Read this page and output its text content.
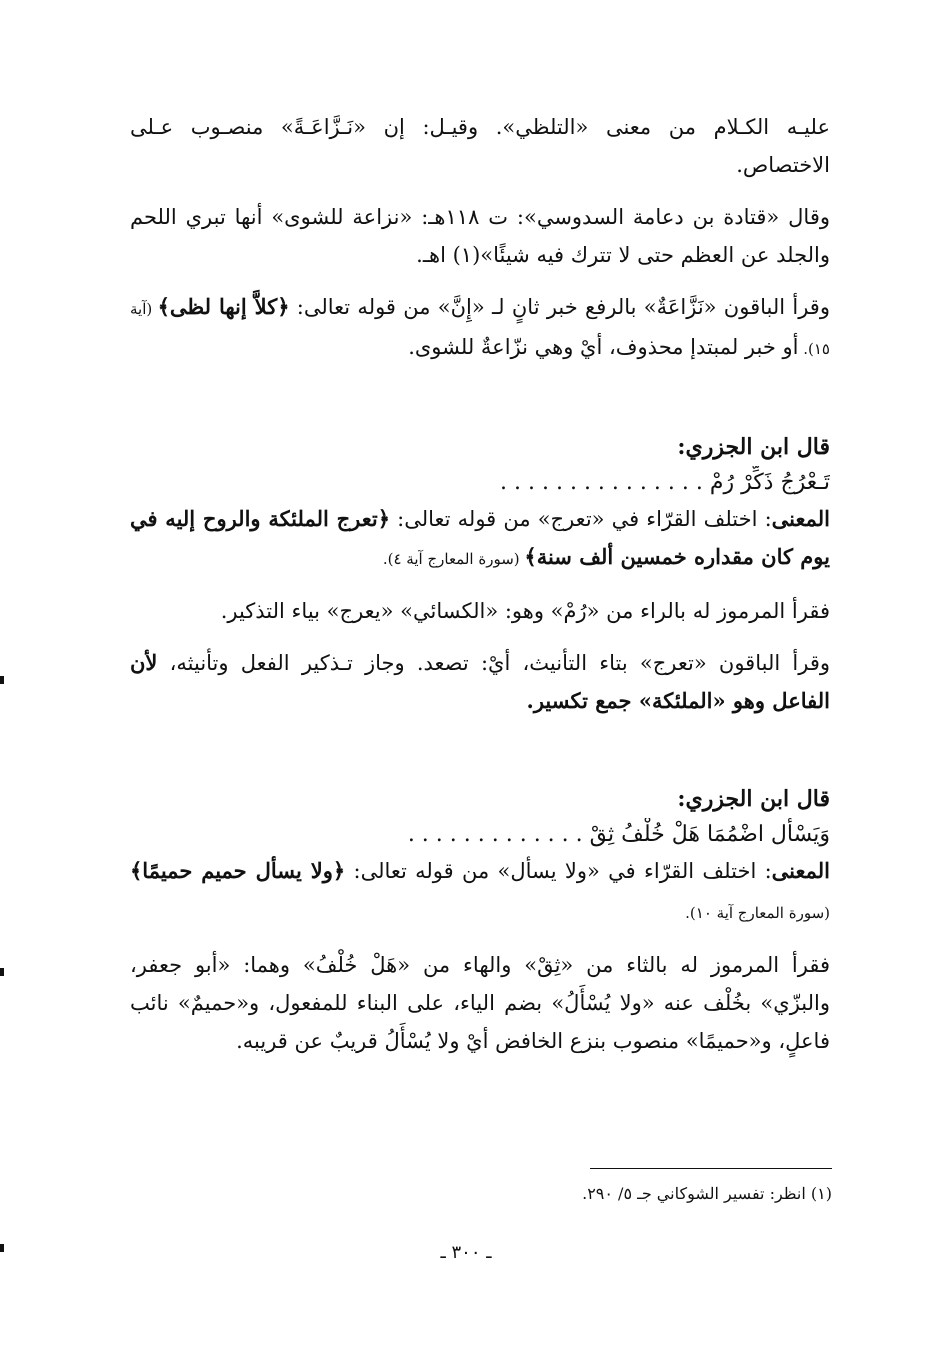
عليـه الكـلام من معنى «التلظي». وقيـل: إن «نَـزَّاعَـةً» منصـوب عـلى الاختصاص.

وقال «قتادة بن دعامة السدوسي»: ت ١١٨هـ: «نزاعة للشوى» أنها تبري اللحم والجلد عن العظم حتى لا تترك فيه شيئًا»(١) اهـ.

وقرأ الباقون «نَزَّاعَةٌ» بالرفع خبر ثانٍ لـ «إِنَّ» من قوله تعالى: ﴿كلاَّ إنها لظى﴾ (آية ١٥). أو خبر لمبتدإ محذوف، أيْ وهي نزّاعةٌ للشوى.

قال ابن الجزري:

تَـعْرُجُ ذَكِّرْ رُمْ . . . . . . . . . . . . . . .

المعنى: اختلف القرّاء في «تعرج» من قوله تعالى: ﴿تعرج الملئكة والروح إليه في يوم كان مقداره خمسين ألف سنة﴾ (سورة المعارج آية ٤).

فقرأ المرموز له بالراء من «رُمْ» وهو: «الكسائي» «يعرج» بياء التذكير.

وقرأ الباقون «تعرج» بتاء التأنيث، أيْ: تصعد. وجاز تـذكير الفعل وتأنيثه، لأن الفاعل وهو «الملئكة» جمع تكسير.

قال ابن الجزري:

وَيَسْأَل اضْمُمَا هَلْ خُلْفُ ثِقْ . . . . . . . . . . . . .

المعنى: اختلف القرّاء في «ولا يسأل» من قوله تعالى: ﴿ولا يسأل حميم حميمًا﴾ (سورة المعارج آية ١٠).

فقرأ المرموز له بالثاء من «ثِقْ» والهاء من «هَلْ خُلْفُ» وهما: «أبو جعفر، والبزّي» بخُلْف عنه «ولا يُسْأَلُ» بضم الياء، على البناء للمفعول، و«حميمٌ» نائب فاعلٍ، و«حميمًا» منصوب بنزع الخافض أيْ ولا يُسْأَلُ قريبٌ عن قريبه.

(١) انظر: تفسير الشوكاني جـ ٥/ ٢٩٠.
ـ ٣٠٠ ـ
